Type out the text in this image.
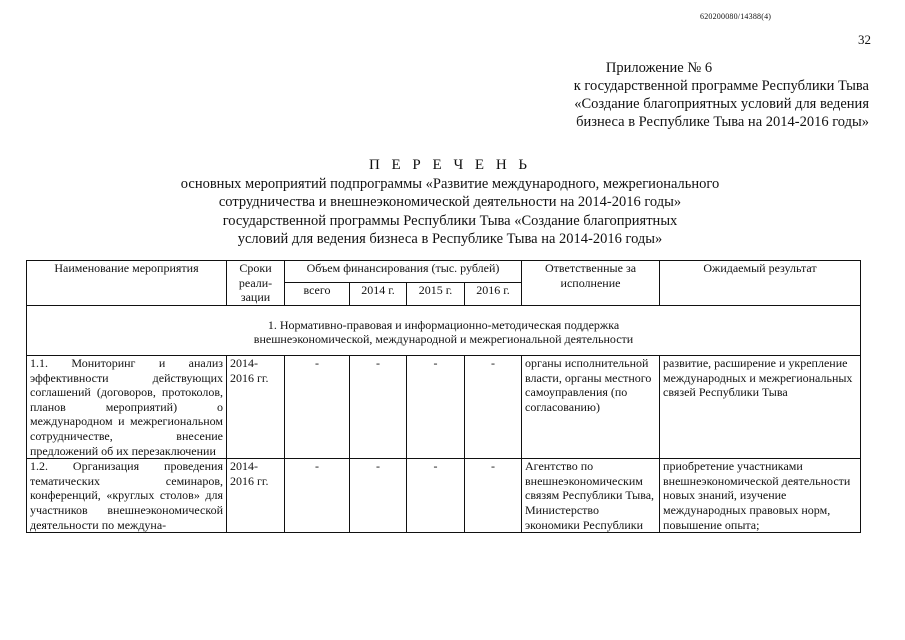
620200080/14388(4)
32
Приложение № 6
к государственной программе Республики Тыва
«Создание благоприятных условий для ведения
бизнеса в Республике Тыва на 2014-2016 годы»
П Е Р Е Ч Е Н Ь
основных мероприятий подпрограммы «Развитие международного, межрегионального
сотрудничества и внешнеэкономической деятельности на 2014-2016 годы»
государственной программы Республики Тыва «Создание благоприятных
условий для ведения бизнеса в Республике Тыва на 2014-2016 годы»
Наименование мероприятия	Сроки реали-зации	Объем финансирования (тыс. рублей)				Ответственные за исполнение	Ожидаемый результат
		всего	2014 г.	2015 г.	2016 г.		

1. Нормативно-правовая и информационно-методическая поддержка
внешнеэкономической, международной и межрегиональной деятельности							

1.1. Мониторинг и анализ эффективности действующих соглашений (договоров, протоколов, планов мероприятий) о международном и межрегиональном сотрудничестве, внесение предложений об их перезаключении	2014-2016 гг.	-	-	-	-	органы исполнительной власти, органы местного самоуправления (по согласованию)	развитие, расширение и укрепление международных и межрегиональных связей Республики Тыва
1.2. Организация проведения тематических семинаров, конференций, «круглых столов» для участников внешнеэкономической деятельности по междуна-	2014-2016 гг.	-	-	-	-	Агентство по внешнеэкономическим связям Республики Тыва, Министерство экономики Республики	приобретение участниками внешнеэкономической деятельности новых знаний, изучение международных правовых норм, повышение опыта;
